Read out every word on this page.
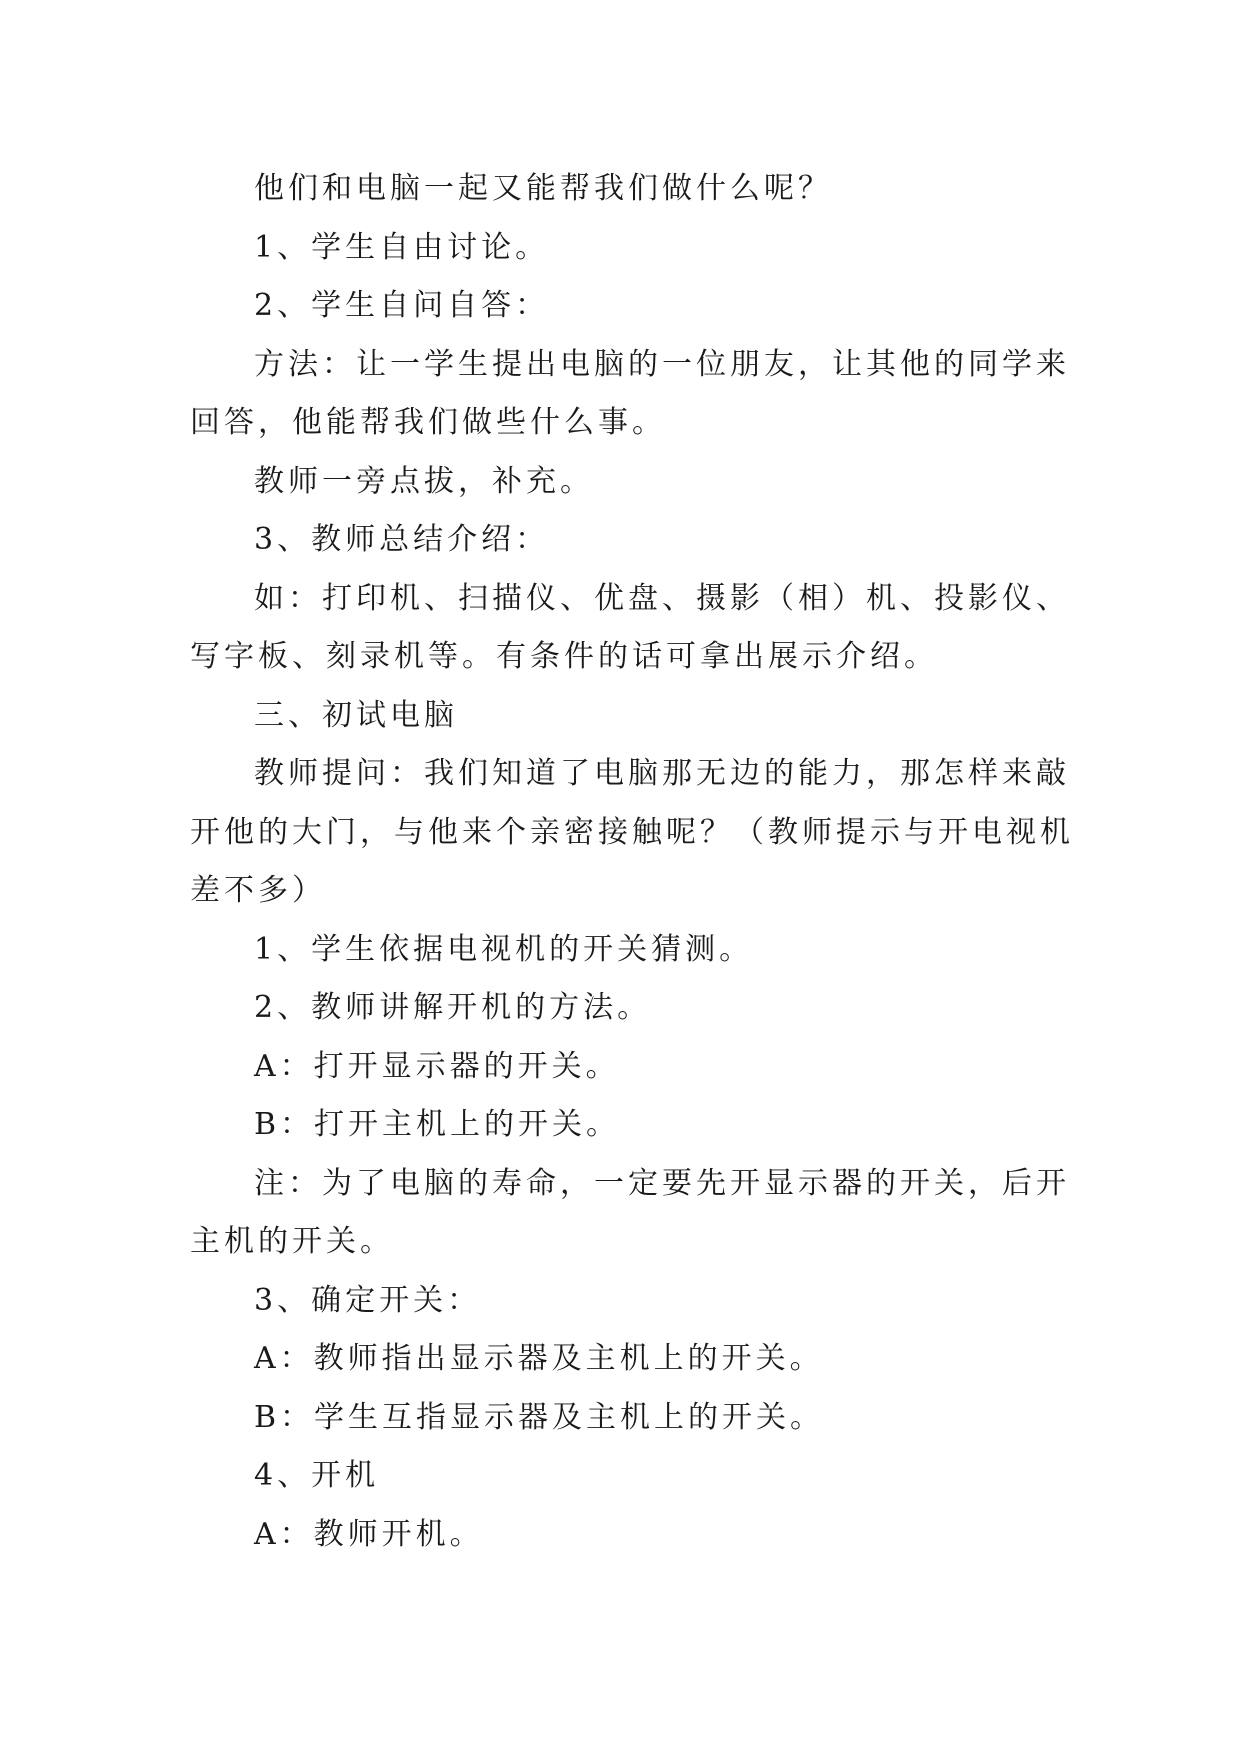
他们和电脑一起又能帮我们做什么呢？

1、学生自由讨论。

2、学生自问自答：

方法：让一学生提出电脑的一位朋友，让其他的同学来回答，他能帮我们做些什么事。

教师一旁点拔，补充。

3、教师总结介绍：

如：打印机、扫描仪、优盘、摄影（相）机、投影仪、写字板、刻录机等。有条件的话可拿出展示介绍。

三、初试电脑

教师提问：我们知道了电脑那无边的能力，那怎样来敲开他的大门，与他来个亲密接触呢？（教师提示与开电视机差不多）

1、学生依据电视机的开关猜测。

2、教师讲解开机的方法。

A：打开显示器的开关。

B：打开主机上的开关。

注：为了电脑的寿命，一定要先开显示器的开关，后开主机的开关。

3、确定开关：

A：教师指出显示器及主机上的开关。

B：学生互指显示器及主机上的开关。

4、开机

A：教师开机。
